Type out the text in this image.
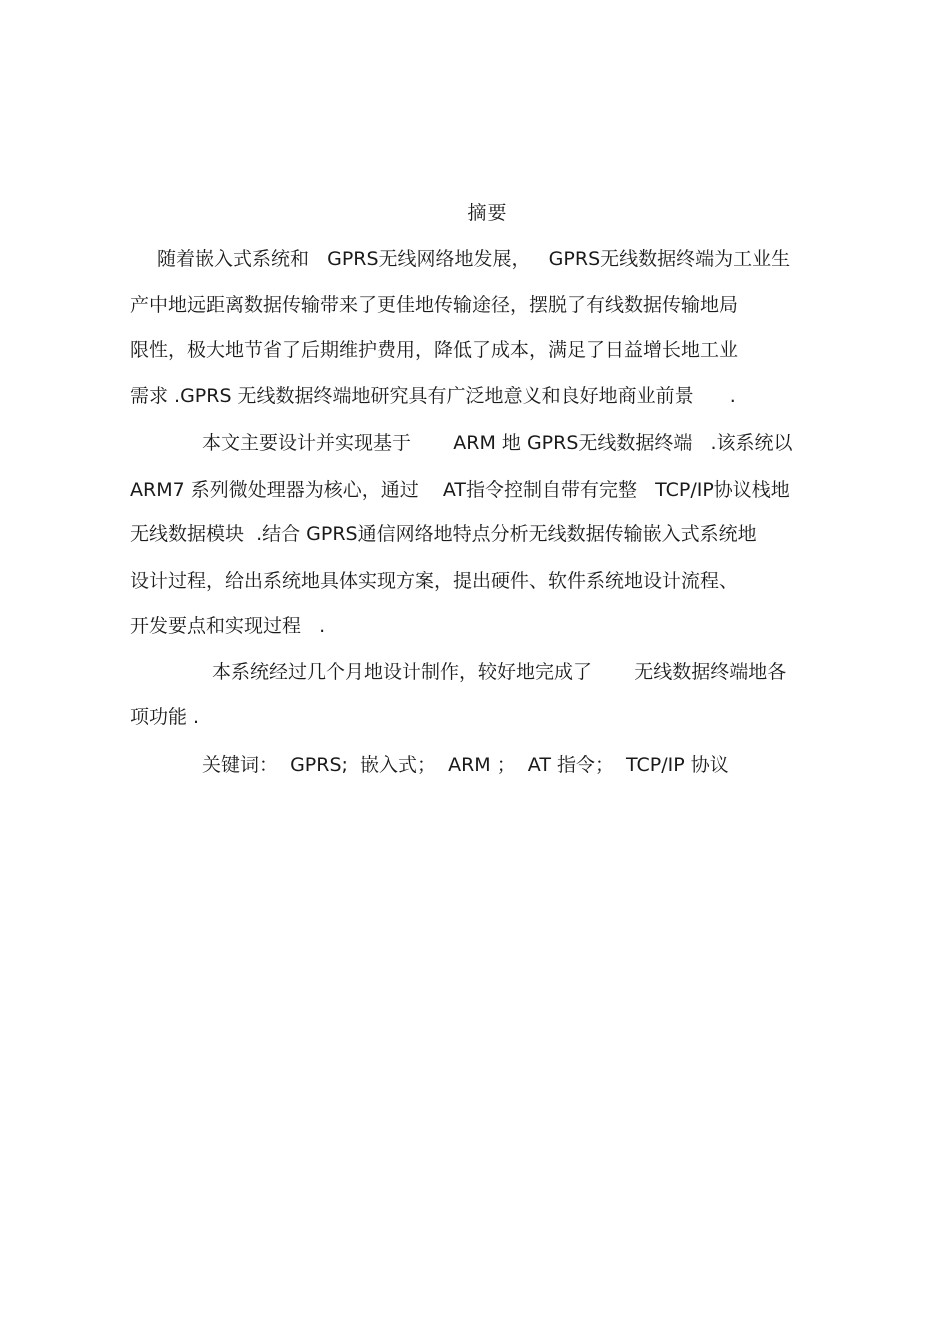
摘要
随着嵌入式系统和   GPRS无线网络地发展，   GPRS无线数据终端为工业生
产中地远距离数据传输带来了更佳地传输途径，摆脱了有线数据传输地局
限性，极大地节省了后期维护费用，降低了成本，满足了日益增长地工业
需求 .GPRS 无线数据终端地研究具有广泛地意义和良好地商业前景      .
本文主要设计并实现基于       ARM 地 GPRS无线数据终端   .该系统以
ARM7 系列微处理器为核心，通过    AT指令控制自带有完整   TCP/IP协议栈地
无线数据模块  .结合 GPRS通信网络地特点分析无线数据传输嵌入式系统地
设计过程，给出系统地具体实现方案，提出硬件、软件系统地设计流程、
开发要点和实现过程   .
本系统经过几个月地设计制作，较好地完成了       无线数据终端地各
项功能 .
关键词：  GPRS;  嵌入式；  ARM ；  AT 指令；  TCP/IP 协议
